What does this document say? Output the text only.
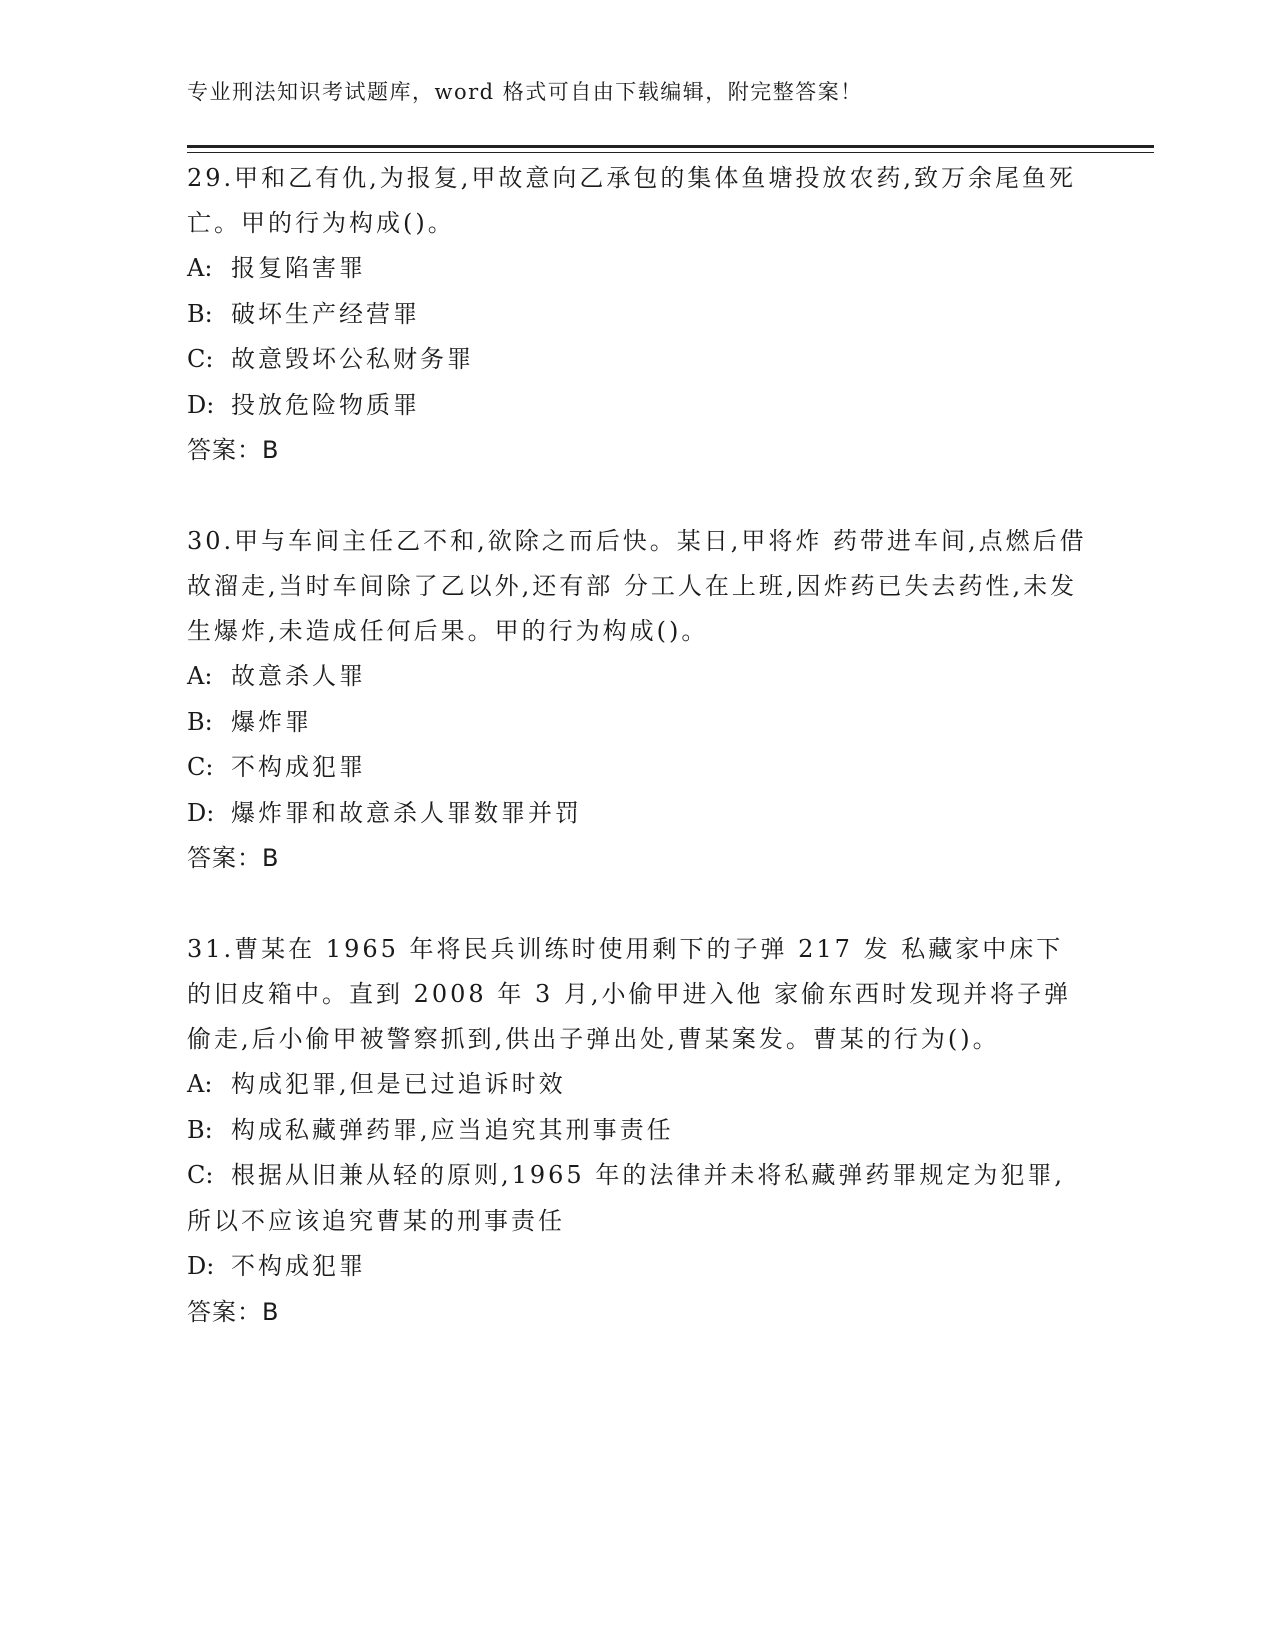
专业刑法知识考试题库，word 格式可自由下载编辑，附完整答案！

29.甲和乙有仇,为报复,甲故意向乙承包的集体鱼塘投放农药,致万余尾鱼死亡。甲的行为构成()。

A: 报复陷害罪

B: 破坏生产经营罪

C: 故意毁坏公私财务罪

D: 投放危险物质罪

答案：B

30.甲与车间主任乙不和,欲除之而后快。某日,甲将炸 药带进车间,点燃后借故溜走,当时车间除了乙以外,还有部 分工人在上班,因炸药已失去药性,未发生爆炸,未造成任何后果。甲的行为构成()。

A: 故意杀人罪

B: 爆炸罪

C: 不构成犯罪

D: 爆炸罪和故意杀人罪数罪并罚

答案：B

31.曹某在 1965 年将民兵训练时使用剩下的子弹 217 发 私藏家中床下的旧皮箱中。直到 2008 年 3 月,小偷甲进入他 家偷东西时发现并将子弹偷走,后小偷甲被警察抓到,供出子弹出处,曹某案发。曹某的行为()。

A: 构成犯罪,但是已过追诉时效

B: 构成私藏弹药罪,应当追究其刑事责任

C: 根据从旧兼从轻的原则,1965 年的法律并未将私藏弹药罪规定为犯罪,所以不应该追究曹某的刑事责任

D: 不构成犯罪

答案：B
